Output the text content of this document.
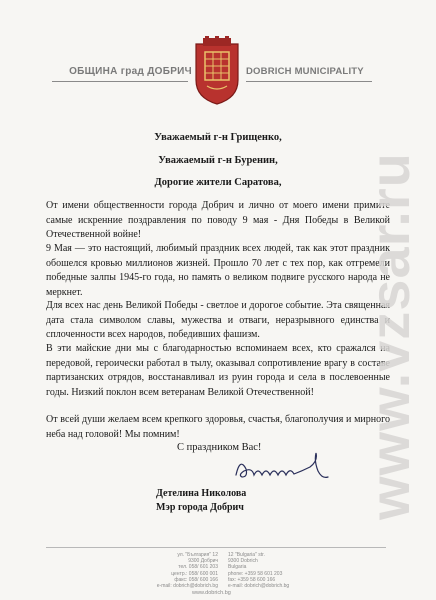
ОБЩИНА град ДОБРИЧ	DOBRICH MUNICIPALITY
Уважаемый г-н Грищенко,
Уважаемый г-н Буренин,
Дорогие жители Саратова,
От имени общественности города Добрич и лично от моего имени примите самые искренние поздравления по поводу 9 мая - Дня Победы в Великой Отечественной войне!
9 Мая — это настоящий, любимый праздник всех людей, так как этот праздник обошелся кровью миллионов жизней. Прошло 70 лет с тех пор, как отгремели победные залпы 1945-го года, но память о великом подвиге русского народа не меркнет.
Для всех нас день Великой Победы - светлое и дорогое событие. Эта священная дата стала символом славы, мужества и отваги, неразрывного единства и сплоченности всех народов, победивших фашизм.
В эти майские дни мы с благодарностью вспоминаем всех, кто сражался на передовой, героически работал в тылу, оказывал сопротивление врагу в составе партизанских отрядов, восстанавливал из руин города и села в послевоенные годы. Низкий поклон всем ветеранам Великой Отечественной!
От всей души желаем всем крепкого здоровья, счастья, благополучия и мирного неба над головой! Мы помним!
С праздником Вас!
Детелина Николова
Мэр города Добрич
ул. "България" 12
9300 Добрич
тел. 058/ 601 203
центр.: 058/ 600 001
факс: 058/ 600 166
e-mail: dobrich@dobrich.bg
12 "Bulgaria" str.
9300 Dobrich
Bulgaria
phone: +359 58 601 203
fax: +359 58 600 166
e-mail: dobrich@dobrich.bg
www.dobrich.bg
www.vzsar.ru
